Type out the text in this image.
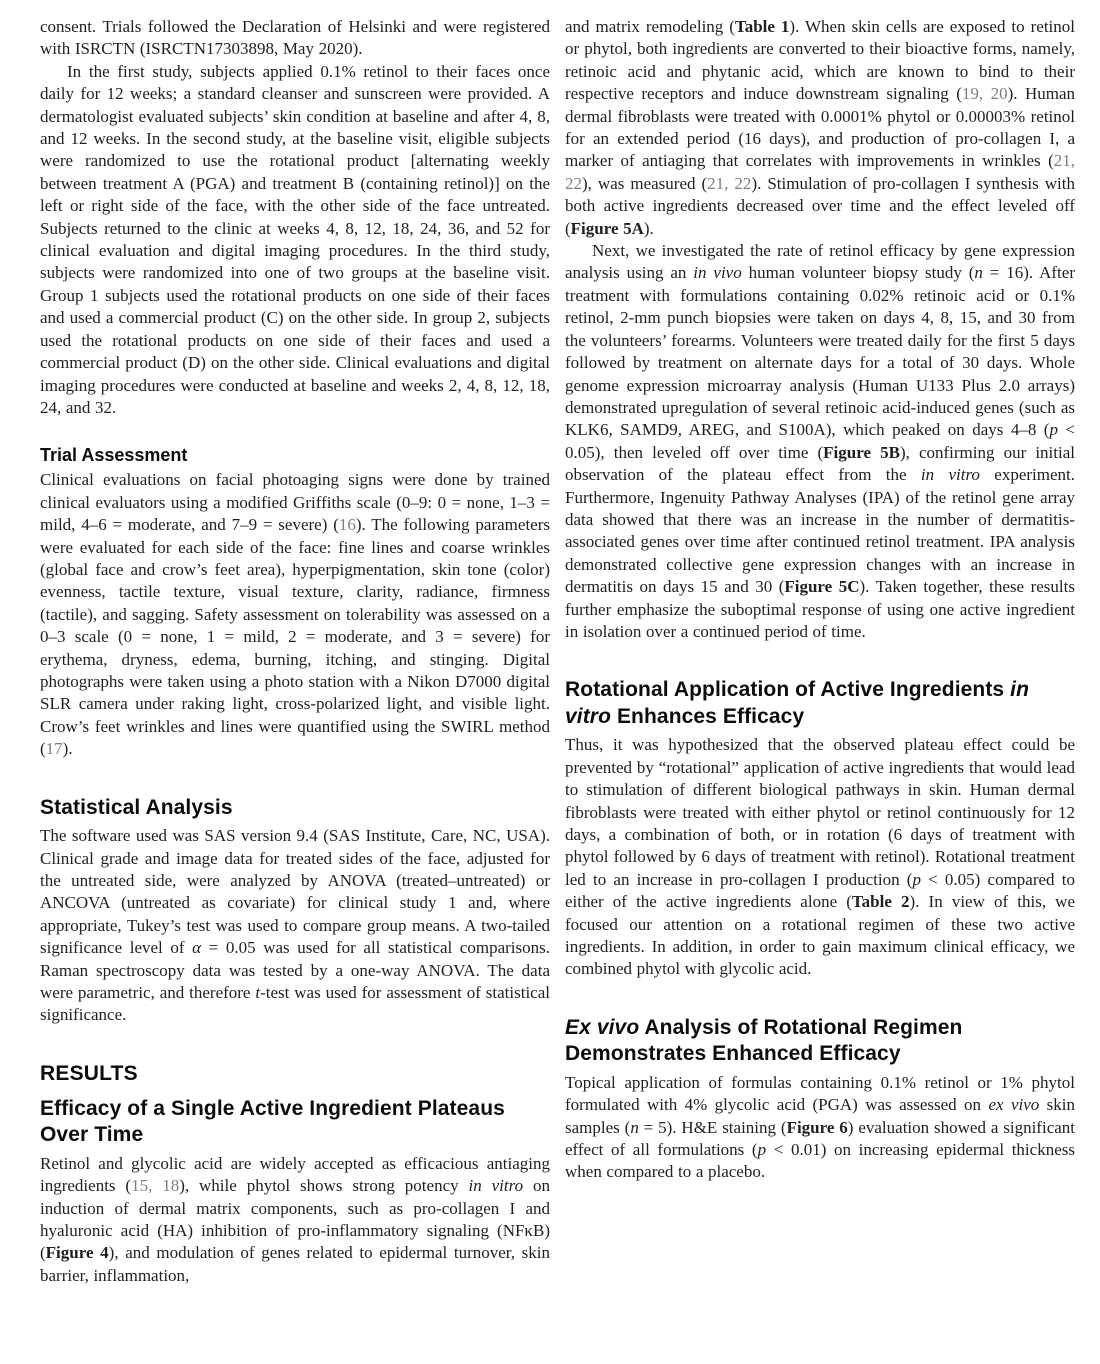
consent. Trials followed the Declaration of Helsinki and were registered with ISRCTN (ISRCTN17303898, May 2020).

In the first study, subjects applied 0.1% retinol to their faces once daily for 12 weeks; a standard cleanser and sunscreen were provided. A dermatologist evaluated subjects’ skin condition at baseline and after 4, 8, and 12 weeks. In the second study, at the baseline visit, eligible subjects were randomized to use the rotational product [alternating weekly between treatment A (PGA) and treatment B (containing retinol)] on the left or right side of the face, with the other side of the face untreated. Subjects returned to the clinic at weeks 4, 8, 12, 18, 24, 36, and 52 for clinical evaluation and digital imaging procedures. In the third study, subjects were randomized into one of two groups at the baseline visit. Group 1 subjects used the rotational products on one side of their faces and used a commercial product (C) on the other side. In group 2, subjects used the rotational products on one side of their faces and used a commercial product (D) on the other side. Clinical evaluations and digital imaging procedures were conducted at baseline and weeks 2, 4, 8, 12, 18, 24, and 32.

Trial Assessment

Clinical evaluations on facial photoaging signs were done by trained clinical evaluators using a modified Griffiths scale (0–9: 0 = none, 1–3 = mild, 4–6 = moderate, and 7–9 = severe) (16). The following parameters were evaluated for each side of the face: fine lines and coarse wrinkles (global face and crow’s feet area), hyperpigmentation, skin tone (color) evenness, tactile texture, visual texture, clarity, radiance, firmness (tactile), and sagging. Safety assessment on tolerability was assessed on a 0–3 scale (0 = none, 1 = mild, 2 = moderate, and 3 = severe) for erythema, dryness, edema, burning, itching, and stinging. Digital photographs were taken using a photo station with a Nikon D7000 digital SLR camera under raking light, cross-polarized light, and visible light. Crow’s feet wrinkles and lines were quantified using the SWIRL method (17).

Statistical Analysis

The software used was SAS version 9.4 (SAS Institute, Care, NC, USA). Clinical grade and image data for treated sides of the face, adjusted for the untreated side, were analyzed by ANOVA (treated–untreated) or ANCOVA (untreated as covariate) for clinical study 1 and, where appropriate, Tukey’s test was used to compare group means. A two-tailed significance level of α = 0.05 was used for all statistical comparisons. Raman spectroscopy data was tested by a one-way ANOVA. The data were parametric, and therefore t-test was used for assessment of statistical significance.

RESULTS
Efficacy of a Single Active Ingredient Plateaus Over Time

Retinol and glycolic acid are widely accepted as efficacious antiaging ingredients (15, 18), while phytol shows strong potency in vitro on induction of dermal matrix components, such as pro-collagen I and hyaluronic acid (HA) inhibition of pro-inflammatory signaling (NFκB) (Figure 4), and modulation of genes related to epidermal turnover, skin barrier, inflammation,

and matrix remodeling (Table 1). When skin cells are exposed to retinol or phytol, both ingredients are converted to their bioactive forms, namely, retinoic acid and phytanic acid, which are known to bind to their respective receptors and induce downstream signaling (19, 20). Human dermal fibroblasts were treated with 0.0001% phytol or 0.00003% retinol for an extended period (16 days), and production of pro-collagen I, a marker of antiaging that correlates with improvements in wrinkles (21, 22), was measured (21, 22). Stimulation of pro-collagen I synthesis with both active ingredients decreased over time and the effect leveled off (Figure 5A).

Next, we investigated the rate of retinol efficacy by gene expression analysis using an in vivo human volunteer biopsy study (n = 16). After treatment with formulations containing 0.02% retinoic acid or 0.1% retinol, 2-mm punch biopsies were taken on days 4, 8, 15, and 30 from the volunteers’ forearms. Volunteers were treated daily for the first 5 days followed by treatment on alternate days for a total of 30 days. Whole genome expression microarray analysis (Human U133 Plus 2.0 arrays) demonstrated upregulation of several retinoic acid-induced genes (such as KLK6, SAMD9, AREG, and S100A), which peaked on days 4–8 (p < 0.05), then leveled off over time (Figure 5B), confirming our initial observation of the plateau effect from the in vitro experiment. Furthermore, Ingenuity Pathway Analyses (IPA) of the retinol gene array data showed that there was an increase in the number of dermatitis-associated genes over time after continued retinol treatment. IPA analysis demonstrated collective gene expression changes with an increase in dermatitis on days 15 and 30 (Figure 5C). Taken together, these results further emphasize the suboptimal response of using one active ingredient in isolation over a continued period of time.

Rotational Application of Active Ingredients in vitro Enhances Efficacy

Thus, it was hypothesized that the observed plateau effect could be prevented by “rotational” application of active ingredients that would lead to stimulation of different biological pathways in skin. Human dermal fibroblasts were treated with either phytol or retinol continuously for 12 days, a combination of both, or in rotation (6 days of treatment with phytol followed by 6 days of treatment with retinol). Rotational treatment led to an increase in pro-collagen I production (p < 0.05) compared to either of the active ingredients alone (Table 2). In view of this, we focused our attention on a rotational regimen of these two active ingredients. In addition, in order to gain maximum clinical efficacy, we combined phytol with glycolic acid.

Ex vivo Analysis of Rotational Regimen Demonstrates Enhanced Efficacy

Topical application of formulas containing 0.1% retinol or 1% phytol formulated with 4% glycolic acid (PGA) was assessed on ex vivo skin samples (n = 5). H&E staining (Figure 6) evaluation showed a significant effect of all formulations (p < 0.01) on increasing epidermal thickness when compared to a placebo.
